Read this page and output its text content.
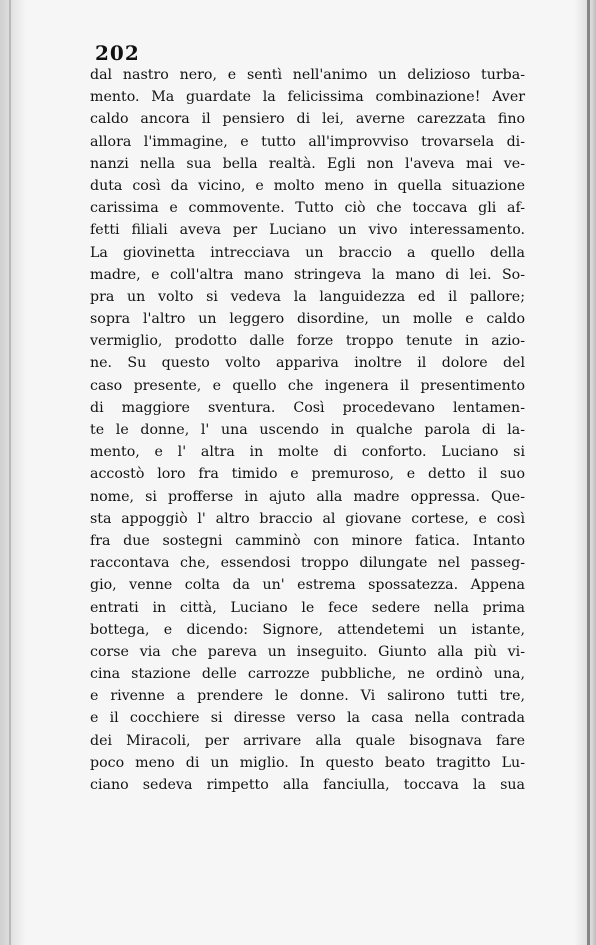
202
dal nastro nero, e sentì nell'animo un delizioso turba-
mento. Ma guardate la felicissima combinazione! Aver
caldo ancora il pensiero di lei, averne carezzata fino
allora l'immagine, e tutto all'improvviso trovarsela di-
nanzi nella sua bella realtà. Egli non l'aveva mai ve-
duta così da vicino, e molto meno in quella situazione
carissima e commovente. Tutto ciò che toccava gli af-
fetti filiali aveva per Luciano un vivo interessamento.
La giovinetta intrecciava un braccio a quello della
madre, e coll'altra mano stringeva la mano di lei. So-
pra un volto si vedeva la languidezza ed il pallore;
sopra l'altro un leggero disordine, un molle e caldo
vermiglio, prodotto dalle forze troppo tenute in azio-
ne. Su questo volto appariva inoltre il dolore del
caso presente, e quello che ingenera il presentimento
di maggiore sventura. Così procedevano lentamen-
te le donne, l' una uscendo in qualche parola di la-
mento, e l' altra in molte di conforto. Luciano si
accostò loro fra timido e premuroso, e detto il suo
nome, si profferse in ajuto alla madre oppressa. Que-
sta appoggiò l' altro braccio al giovane cortese, e così
fra due sostegni camminò con minore fatica. Intanto
raccontava che, essendosi troppo dilungate nel passeg-
gio, venne colta da un' estrema spossatezza. Appena
entrati in città, Luciano le fece sedere nella prima
bottega, e dicendo: Signore, attendetemi un istante,
corse via che pareva un inseguito. Giunto alla più vi-
cina stazione delle carrozze pubbliche, ne ordinò una,
e rivenne a prendere le donne. Vi salirono tutti tre,
e il cocchiere si diresse verso la casa nella contrada
dei Miracoli, per arrivare alla quale bisognava fare
poco meno di un miglio. In questo beato tragitto Lu-
ciano sedeva rimpetto alla fanciulla, toccava la sua
